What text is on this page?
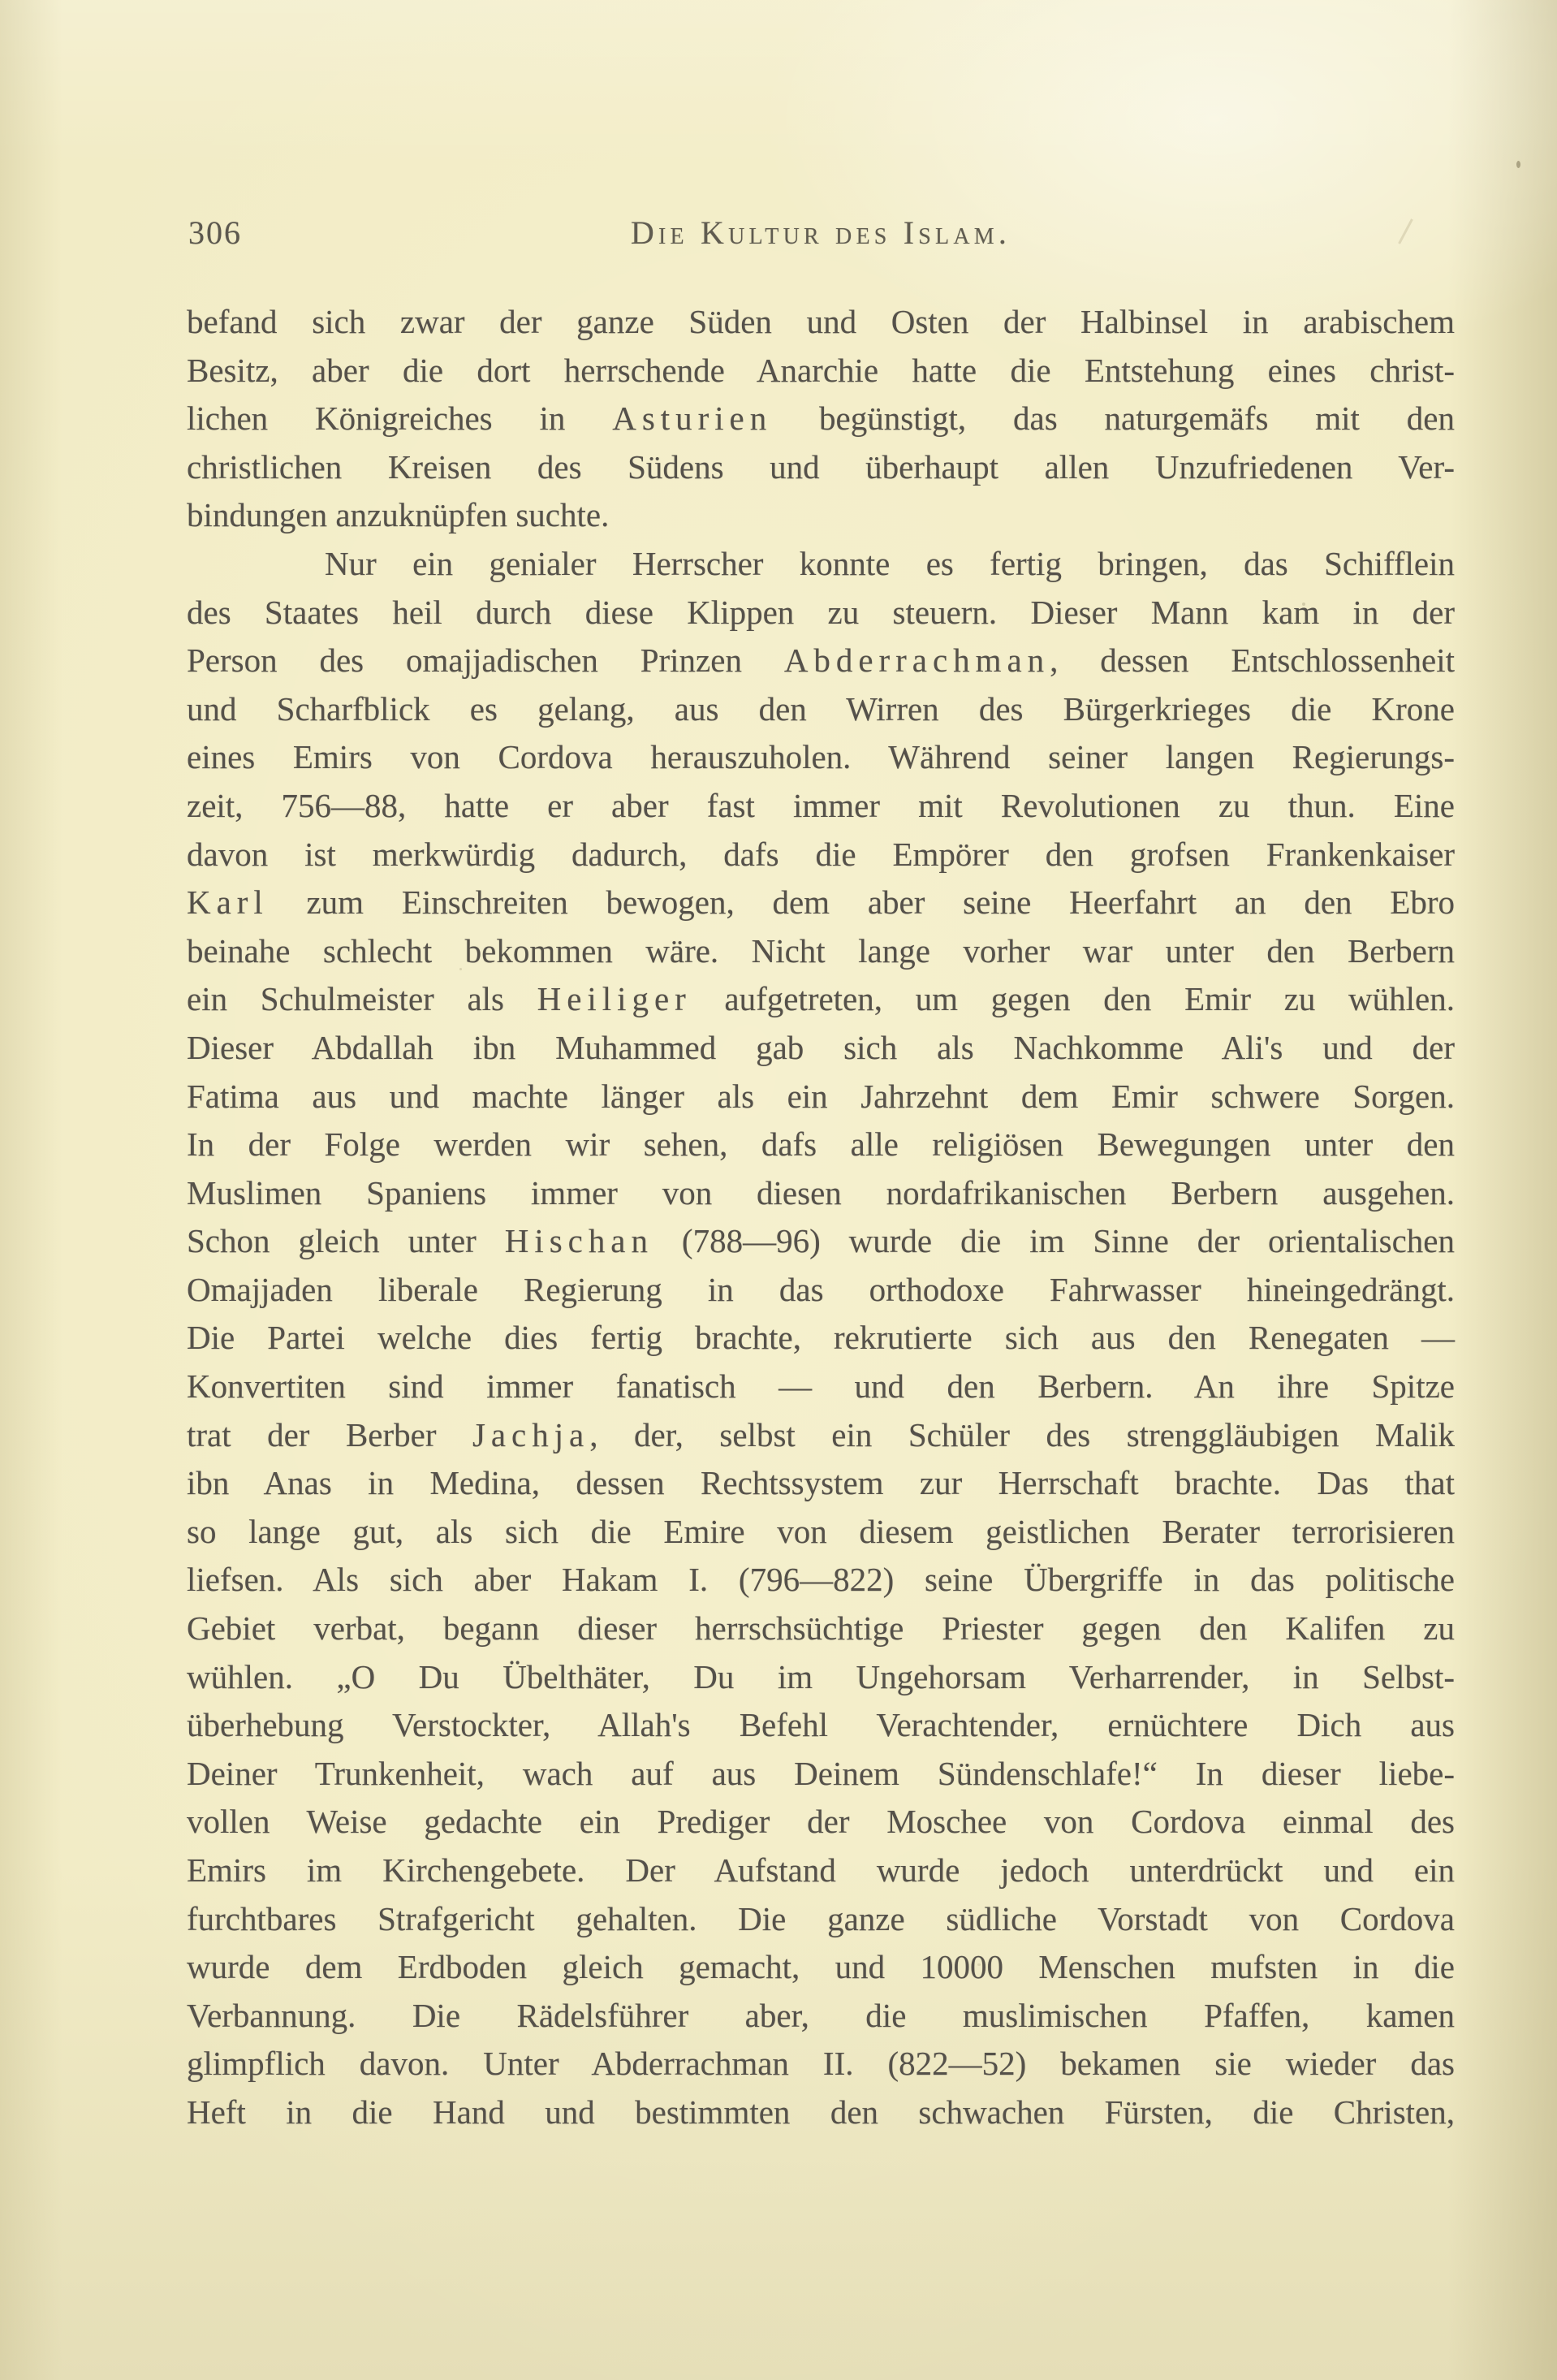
306	Die Kultur des Islam.
befand sich zwar der ganze Süden und Osten der Halbinsel in arabischem
Besitz, aber die dort herrschende Anarchie hatte die Entstehung eines christ-
lichen Königreiches in Asturien begünstigt, das naturgemäfs mit den
christlichen Kreisen des Südens und überhaupt allen Unzufriedenen Ver-
bindungen anzuknüpfen suchte.
Nur ein genialer Herrscher konnte es fertig bringen, das Schifflein
des Staates heil durch diese Klippen zu steuern. Dieser Mann kam in der
Person des omajjadischen Prinzen Abderrachman, dessen Entschlossenheit
und Scharfblick es gelang, aus den Wirren des Bürgerkrieges die Krone
eines Emirs von Cordova herauszuholen. Während seiner langen Regierungs-
zeit, 756—88, hatte er aber fast immer mit Revolutionen zu thun. Eine
davon ist merkwürdig dadurch, dafs die Empörer den grofsen Frankenkaiser
Karl zum Einschreiten bewogen, dem aber seine Heerfahrt an den Ebro
beinahe schlecht bekommen wäre. Nicht lange vorher war unter den Berbern
ein Schulmeister als Heiliger aufgetreten, um gegen den Emir zu wühlen.
Dieser Abdallah ibn Muhammed gab sich als Nachkomme Ali's und der
Fatima aus und machte länger als ein Jahrzehnt dem Emir schwere Sorgen.
In der Folge werden wir sehen, dafs alle religiösen Bewegungen unter den
Muslimen Spaniens immer von diesen nordafrikanischen Berbern ausgehen.
Schon gleich unter Hischan (788—96) wurde die im Sinne der orientalischen
Omajjaden liberale Regierung in das orthodoxe Fahrwasser hineingedrängt.
Die Partei welche dies fertig brachte, rekrutierte sich aus den Renegaten —
Konvertiten sind immer fanatisch — und den Berbern. An ihre Spitze
trat der Berber Jachja, der, selbst ein Schüler des strenggläubigen Malik
ibn Anas in Medina, dessen Rechtssystem zur Herrschaft brachte. Das that
so lange gut, als sich die Emire von diesem geistlichen Berater terrorisieren
liefsen. Als sich aber Hakam I. (796—822) seine Übergriffe in das politische
Gebiet verbat, begann dieser herrschsüchtige Priester gegen den Kalifen zu
wühlen. „O Du Übelthäter, Du im Ungehorsam Verharrender, in Selbst-
überhebung Verstockter, Allah's Befehl Verachtender, ernüchtere Dich aus
Deiner Trunkenheit, wach auf aus Deinem Sündenschlafe!“ In dieser liebe-
vollen Weise gedachte ein Prediger der Moschee von Cordova einmal des
Emirs im Kirchengebete. Der Aufstand wurde jedoch unterdrückt und ein
furchtbares Strafgericht gehalten. Die ganze südliche Vorstadt von Cordova
wurde dem Erdboden gleich gemacht, und 10000 Menschen mufsten in die
Verbannung. Die Rädelsführer aber, die muslimischen Pfaffen, kamen
glimpflich davon. Unter Abderrachman II. (822—52) bekamen sie wieder das
Heft in die Hand und bestimmten den schwachen Fürsten, die Christen,
